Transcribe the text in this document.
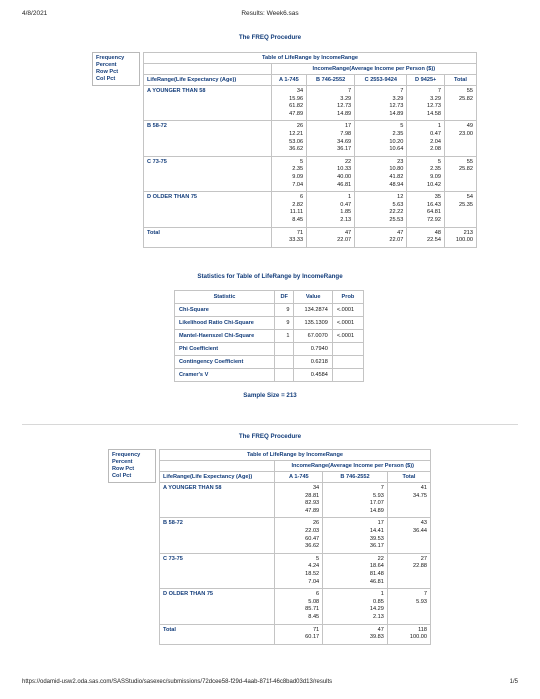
4/8/2021	Results: Week6.sas
The FREQ Procedure
Frequency
Percent
Row Pct
Col Pct
Table of LifeRange by IncomeRange					
	IncomeRange(Average Income per Person ($))				
LifeRange(Life Expectancy (Age))	A 1-745	B 746-2552	C 2553-9424	D 9425+	Total
A YOUNGER THAN 58	34
15.96
61.82
47.89	7
3.29
12.73
14.89	7
3.29
12.73
14.89	7
3.29
12.73
14.58	55
25.82

B 58-72	26
12.21
53.06
36.62	17
7.98
34.69
36.17	5
2.35
10.20
10.64	1
0.47
2.04
2.08	49
23.00

C 73-75	5
2.35
9.09
7.04	22
10.33
40.00
46.81	23
10.80
41.82
48.94	5
2.35
9.09
10.42	55
25.82

D OLDER THAN 75	6
2.82
11.11
8.45	1
0.47
1.85
2.13	12
5.63
22.22
25.53	35
16.43
64.81
72.92	54
25.35

Total	71
33.33	47
22.07	47
22.07	48
22.54	213
100.00
Statistics for Table of LifeRange by IncomeRange
Statistic	DF	Value	Prob
Chi-Square	9	134.2874	<.0001
Likelihood Ratio Chi-Square	9	135.1309	<.0001
Mantel-Haenszel Chi-Square	1	67.0070	<.0001
Phi Coefficient		0.7940	
Contingency Coefficient		0.6218	
Cramer's V		0.4584	
Sample Size = 213
The FREQ Procedure
Frequency
Percent
Row Pct
Col Pct
Table of LifeRange by IncomeRange			
	IncomeRange(Average Income per Person ($))		
LifeRange(Life Expectancy (Age))	A 1-745	B 746-2552	Total
A YOUNGER THAN 58	34
28.81
82.93
47.89	7
5.93
17.07
14.89	41
34.75

B 58-72	26
22.03
60.47
36.62	17
14.41
39.53
36.17	43
36.44

C 73-75	5
4.24
18.52
7.04	22
18.64
81.48
46.81	27
22.88

D OLDER THAN 75	6
5.08
85.71
8.45	1
0.85
14.29
2.13	7
5.93

Total	71
60.17	47
39.83	118
100.00
https://odamid-usw2.oda.sas.com/SASStudio/sasexec/submissions/72dcee58-f29d-4aab-871f-46c8bad03d13/results	1/5
